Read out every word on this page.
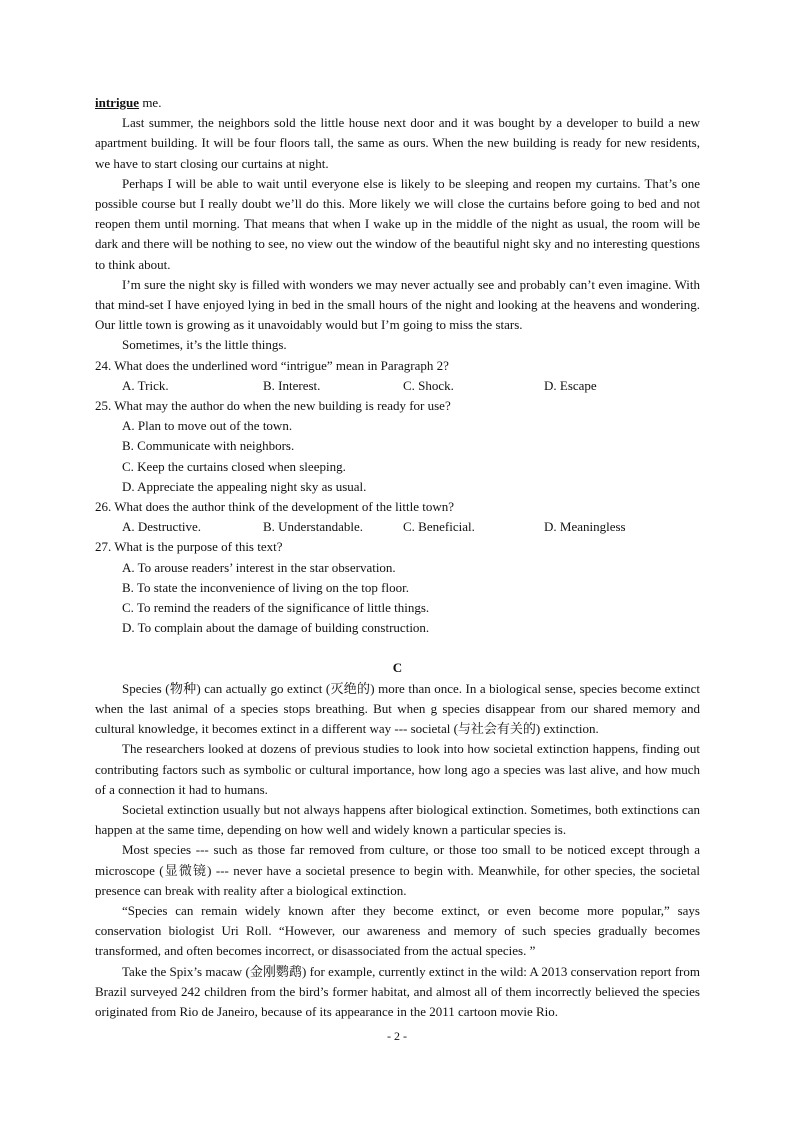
intrigue me.

Last summer, the neighbors sold the little house next door and it was bought by a developer to build a new apartment building. It will be four floors tall, the same as ours. When the new building is ready for new residents, we have to start closing our curtains at night.

Perhaps I will be able to wait until everyone else is likely to be sleeping and reopen my curtains. That’s one possible course but I really doubt we’ll do this. More likely we will close the curtains before going to bed and not reopen them until morning. That means that when I wake up in the middle of the night as usual, the room will be dark and there will be nothing to see, no view out the window of the beautiful night sky and no interesting questions to think about.

I’m sure the night sky is filled with wonders we may never actually see and probably can’t even imagine. With that mind-set I have enjoyed lying in bed in the small hours of the night and looking at the heavens and wondering. Our little town is growing as it unavoidably would but I’m going to miss the stars.

Sometimes, it’s the little things.

24. What does the underlined word “intrigue” mean in Paragraph 2?

A. Trick.	B. Interest.	C. Shock.	D. Escape

25. What may the author do when the new building is ready for use?

A. Plan to move out of the town.

B. Communicate with neighbors.

C. Keep the curtains closed when sleeping.

D. Appreciate the appealing night sky as usual.

26. What does the author think of the development of the little town?

A. Destructive.	B. Understandable.	C. Beneficial.	D. Meaningless

27. What is the purpose of this text?

A. To arouse readers’ interest in the star observation.

B. To state the inconvenience of living on the top floor.

C. To remind the readers of the significance of little things.

D. To complain about the damage of building construction.

C

Species (物种) can actually go extinct (灭绝的) more than once. In a biological sense, species become extinct when the last animal of a species stops breathing. But when g species disappear from our shared memory and cultural knowledge, it becomes extinct in a different way --- societal (与社会有关的) extinction.

The researchers looked at dozens of previous studies to look into how societal extinction happens, finding out contributing factors such as symbolic or cultural importance, how long ago a species was last alive, and how much of a connection it had to humans.

Societal extinction usually but not always happens after biological extinction. Sometimes, both extinctions can happen at the same time, depending on how well and widely known a particular species is.

Most species --- such as those far removed from culture, or those too small to be noticed except through a microscope (显微镜) --- never have a societal presence to begin with. Meanwhile, for other species, the societal presence can break with reality after a biological extinction.

“Species can remain widely known after they become extinct, or even become more popular,” says conservation biologist Uri Roll. “However, our awareness and memory of such species gradually becomes transformed, and often becomes incorrect, or disassociated from the actual species. ”

Take the Spix’s macaw (金刚鹦鹉) for example, currently extinct in the wild: A 2013 conservation report from Brazil surveyed 242 children from the bird’s former habitat, and almost all of them incorrectly believed the species originated from Rio de Janeiro, because of its appearance in the 2011 cartoon movie Rio.

- 2 -
